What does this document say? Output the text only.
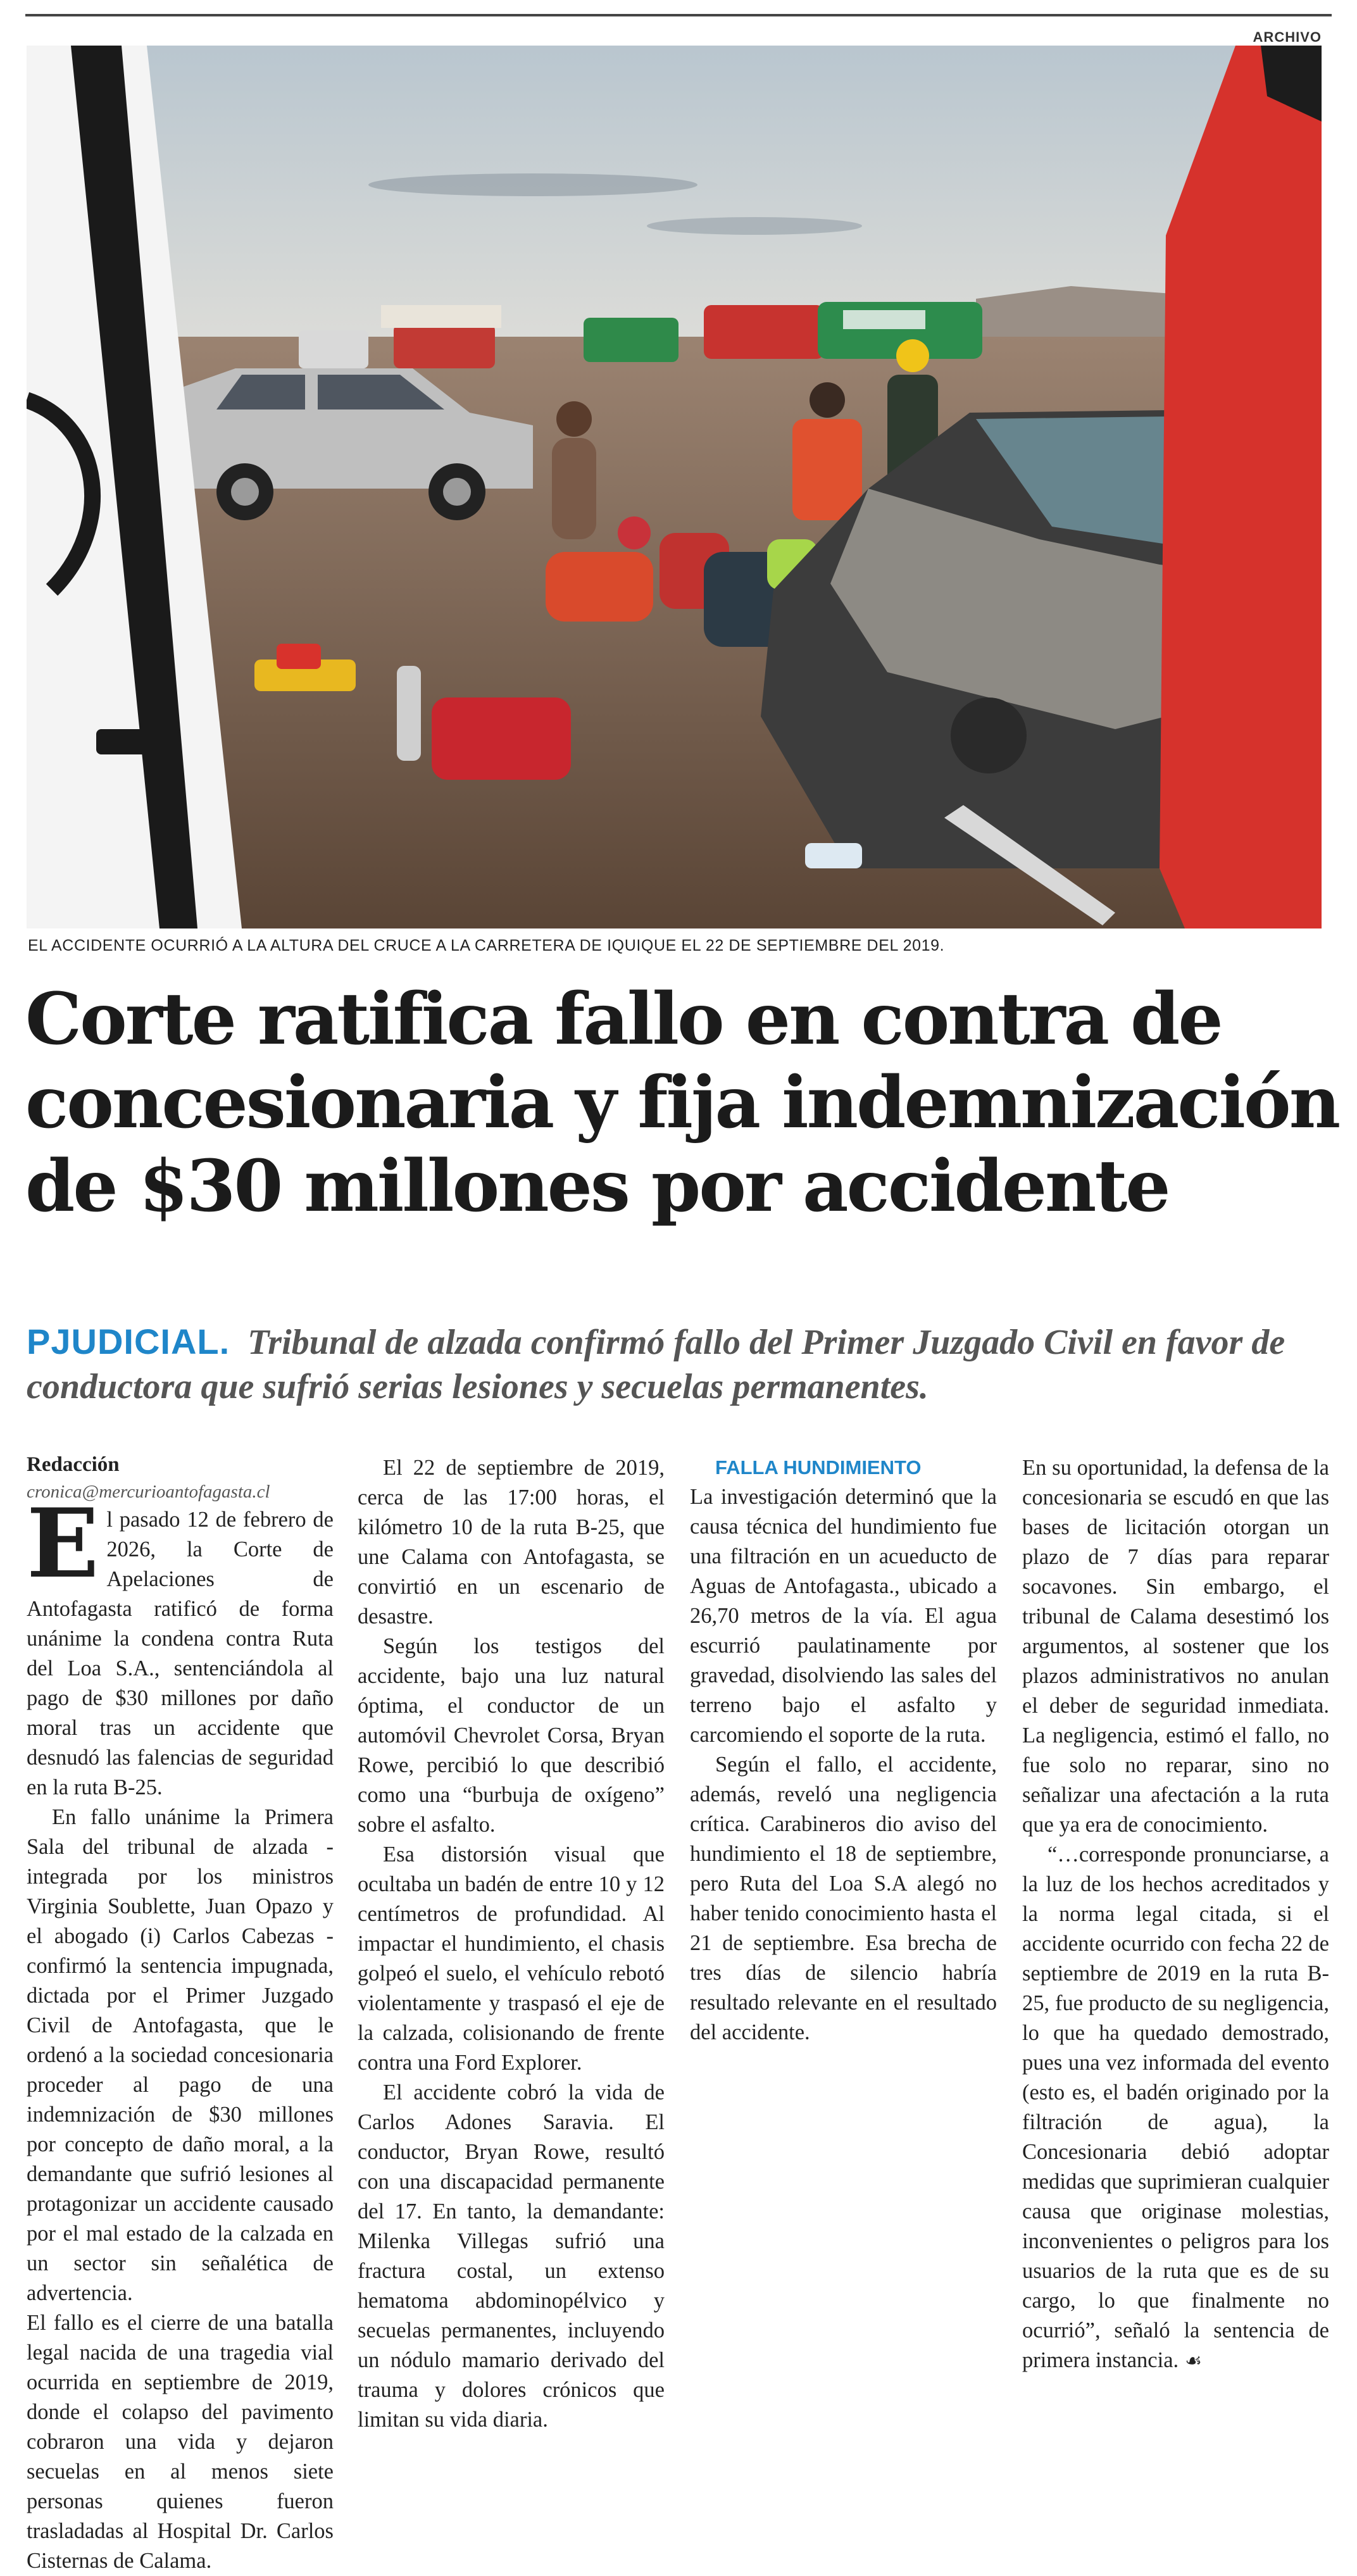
ARCHIVO
EL ACCIDENTE OCURRIÓ A LA ALTURA DEL CRUCE A LA CARRETERA DE IQUIQUE EL 22 DE SEPTIEMBRE DEL 2019.
Corte ratifica fallo en contra de concesionaria y fija indemnización de $30 millones por accidente

PJUDICIAL. Tribunal de alzada confirmó fallo del Primer Juzgado Civil en favor de conductora que sufrió serias lesiones y secuelas permanentes.

Redacción

cronica@mercurioantofagasta.cl

El pasado 12 de febrero de 2026, la Corte de Apelaciones de Antofagasta ratificó de forma unánime la condena contra Ruta del Loa S.A., sentenciándola al pago de $30 millones por daño moral tras un accidente que desnudó las falencias de seguridad en la ruta B-25.

En fallo unánime la Primera Sala del tribunal de alzada -integrada por los ministros Virginia Soublette, Juan Opazo y el abogado (i) Carlos Cabezas - confirmó la sentencia impugnada, dictada por el Primer Juzgado Civil de Antofagasta, que le ordenó a la sociedad concesionaria proceder al pago de una indemnización de $30 millones por concepto de daño moral, a la demandante que sufrió lesiones al protagonizar un accidente causado por el mal estado de la calzada en un sector sin señalética de advertencia.

El fallo es el cierre de una batalla legal nacida de una tragedia vial ocurrida en septiembre de 2019, donde el colapso del pavimento cobraron una vida y dejaron secuelas en al menos siete personas quienes fueron trasladadas al Hospital Dr. Carlos Cisternas de Calama.

El 22 de septiembre de 2019, cerca de las 17:00 horas, el kilómetro 10 de la ruta B-25, que une Calama con Antofagasta, se convirtió en un escenario de desastre.

Según los testigos del accidente, bajo una luz natural óptima, el conductor de un automóvil Chevrolet Corsa, Bryan Rowe, percibió lo que describió como una “burbuja de oxígeno” sobre el asfalto.

Esa distorsión visual que ocultaba un badén de entre 10 y 12 centímetros de profundidad. Al impactar el hundimiento, el chasis golpeó el suelo, el vehículo rebotó violentamente y traspasó el eje de la calzada, colisionando de frente contra una Ford Explorer.

El accidente cobró la vida de Carlos Adones Saravia. El conductor, Bryan Rowe, resultó con una discapacidad permanente del 17. En tanto, la demandante: Milenka Villegas sufrió una fractura costal, un extenso hematoma abdominopélvico y secuelas permanentes, incluyendo un nódulo mamario derivado del trauma y dolores crónicos que limitan su vida diaria.

FALLA HUNDIMIENTO

La investigación determinó que la causa técnica del hundimiento fue una filtración en un acueducto de Aguas de Antofagasta., ubicado a 26,70 metros de la vía. El agua escurrió paulatinamente por gravedad, disolviendo las sales del terreno bajo el asfalto y carcomiendo el soporte de la ruta.

Según el fallo, el accidente, además, reveló una negligencia crítica. Carabineros dio aviso del hundimiento el 18 de septiembre, pero Ruta del Loa S.A alegó no haber tenido conocimiento hasta el 21 de septiembre. Esa brecha de tres días de silencio habría resultado relevante en el resultado del accidente.

En su oportunidad, la defensa de la concesionaria se escudó en que las bases de licitación otorgan un plazo de 7 días para reparar socavones. Sin embargo, el tribunal de Calama desestimó los argumentos, al sostener que los plazos administrativos no anulan el deber de seguridad inmediata. La negligencia, estimó el fallo, no fue solo no reparar, sino no señalizar una afectación a la ruta que ya era de conocimiento.

“…corresponde pronunciarse, a la luz de los hechos acreditados y la norma legal citada, si el accidente ocurrido con fecha 22 de septiembre de 2019 en la ruta B-25, fue producto de su negligencia, lo que ha quedado demostrado, pues una vez informada del evento (esto es, el badén originado por la filtración de agua), la Concesionaria debió adoptar medidas que suprimieran cualquier causa que originase molestias, inconvenientes o peligros para los usuarios de la ruta que es de su cargo, lo que finalmente no ocurrió”, señaló la sentencia de primera instancia. ☙
